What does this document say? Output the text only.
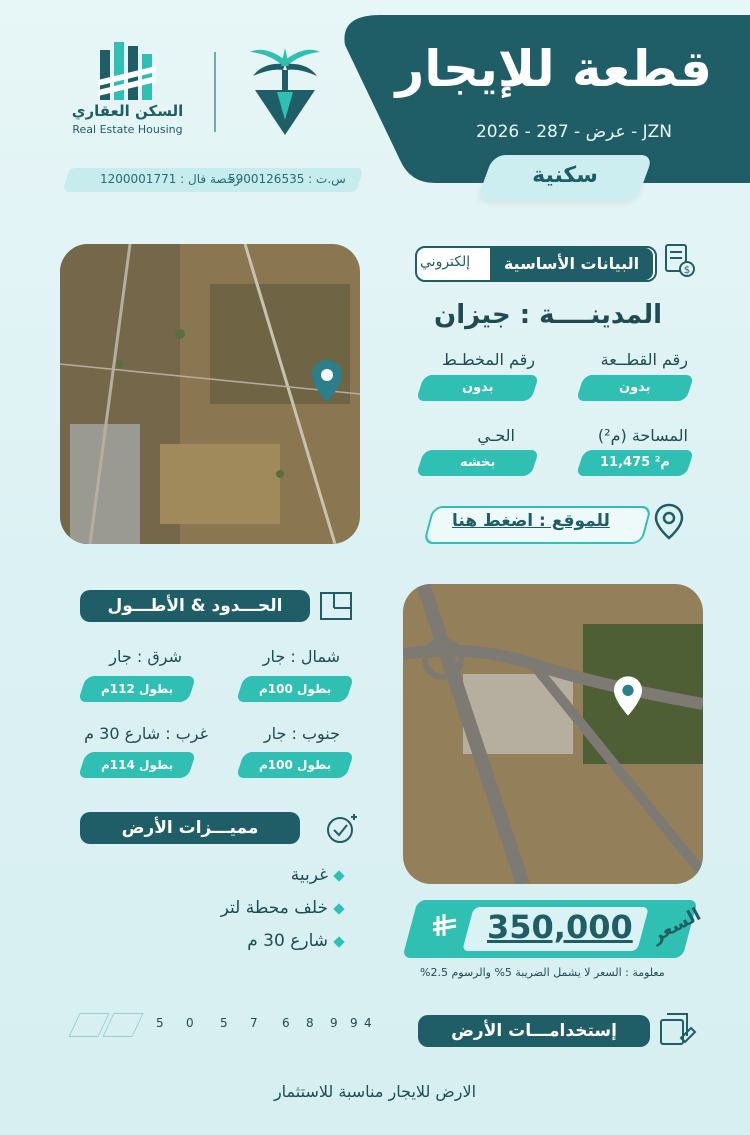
قطعة للإيجار
عرض - 287 - 2026 - JZN
سكنية
السكن العقاري
Real Estate Housing
رخصة فال : 1200001771
س.ت : 5900126535
$
البيانات الأساسية
إلكتروني
المدينــــة : جيزان
رقم القطــعة
بدون
رقم المخطـط
بدون
المساحة (م²)
11,475 م²
الحـي
بخشه
للموقع : اضغط هنا
الحـــدود & الأطـــول
شمال : جار
بطول 100م
شرق : جار
بطول 112م
جنوب : جار
بطول 100م
غرب : شارع 30 م
بطول 114م
مميـــزات الأرض
غربية
خلف محطة لتر
شارع 30 م	350,000 السعر
معلومة : السعر لا يشمل الضريبة 5% والرسوم 2.5%
5 0 5 7 6 8 9 9 4	إستخدامـــات الأرض
الارض للايجار مناسبة للاستثمار
